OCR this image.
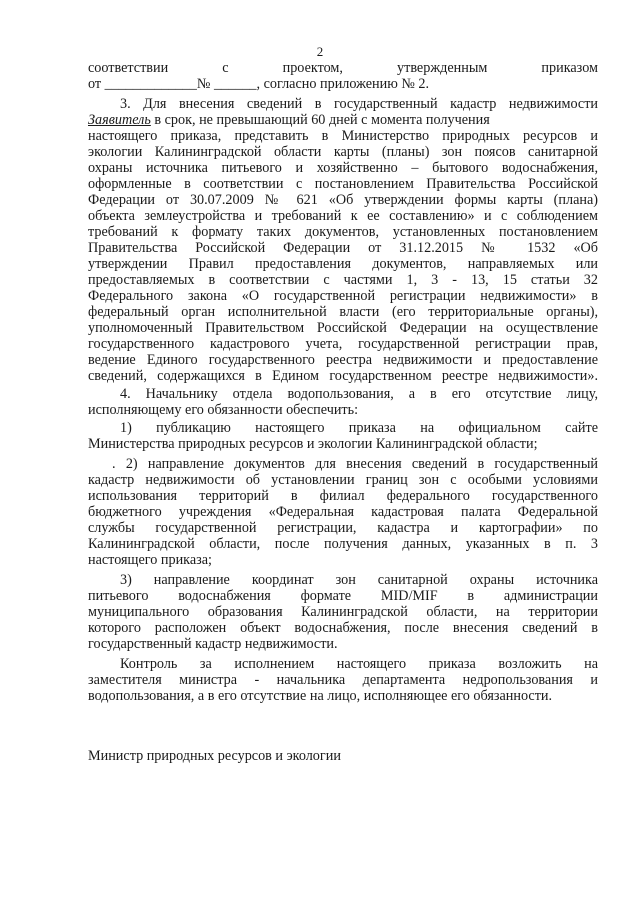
2
соответствии с проектом, утвержденным приказом
от _____________№ ______, согласно приложению № 2.
3. Для внесения сведений в государственный кадастр недвижимости
Заявитель в срок, не превышающий 60 дней с момента получения
настоящего приказа, представить в Министерство природных ресурсов и
экологии Калининградской области карты (планы) зон поясов санитарной
охраны источника питьевого и хозяйственно – бытового водоснабжения,
оформленные в соответствии с постановлением Правительства Российской
Федерации от 30.07.2009 № 621 «Об утверждении формы карты (плана)
объекта землеустройства и требований к ее составлению» и с соблюдением
требований к формату таких документов, установленных постановлением
Правительства Российской Федерации от 31.12.2015 № 1532 «Об
утверждении Правил предоставления документов, направляемых или
предоставляемых в соответствии с частями 1, 3 - 13, 15 статьи 32
Федерального закона «О государственной регистрации недвижимости» в
федеральный орган исполнительной власти (его территориальные органы),
уполномоченный Правительством Российской Федерации на осуществление
государственного кадастрового учета, государственной регистрации прав,
ведение Единого государственного реестра недвижимости и предоставление
сведений, содержащихся в Едином государственном реестре недвижимости».
4. Начальнику отдела водопользования, а в его отсутствие лицу,
исполняющему его обязанности обеспечить:
1) публикацию настоящего приказа на официальном сайте
Министерства природных ресурсов и экологии Калининградской области;
. 2) направление документов для внесения сведений в государственный
кадастр недвижимости об установлении границ зон с особыми условиями
использования территорий в филиал федерального государственного
бюджетного учреждения «Федеральная кадастровая палата Федеральной
службы государственной регистрации, кадастра и картографии» по
Калининградской области, после получения данных, указанных в п. 3
настоящего приказа;
3) направление координат зон санитарной охраны источника
питьевого водоснабжения формате MID/MIF в администрации
муниципального образования Калининградской области, на территории
которого расположен объект водоснабжения, после внесения сведений в
государственный кадастр недвижимости.
Контроль за исполнением настоящего приказа возложить на
заместителя министра - начальника департамента недропользования и
водопользования, а в его отсутствие на лицо, исполняющее его обязанности.
Министр природных ресурсов и экологии
